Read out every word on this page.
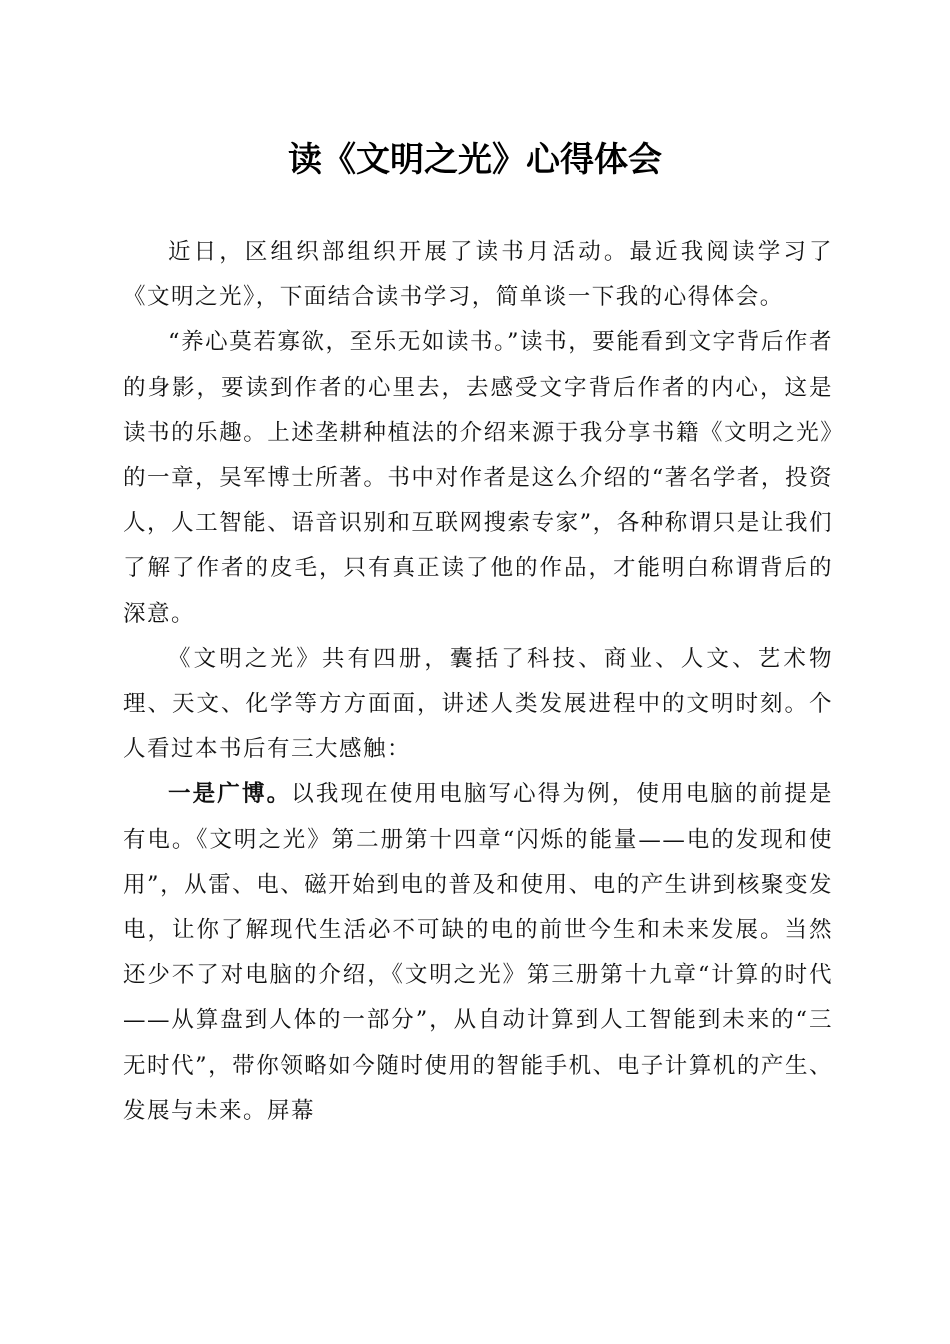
读《文明之光》心得体会

近日，区组织部组织开展了读书月活动。最近我阅读学习了《文明之光》，下面结合读书学习，简单谈一下我的心得体会。

“养心莫若寡欲，至乐无如读书。”读书，要能看到文字背后作者的身影，要读到作者的心里去，去感受文字背后作者的内心，这是读书的乐趣。上述垄耕种植法的介绍来源于我分享书籍《文明之光》的一章，吴军博士所著。书中对作者是这么介绍的“著名学者，投资人，人工智能、语音识别和互联网搜索专家”，各种称谓只是让我们了解了作者的皮毛，只有真正读了他的作品，才能明白称谓背后的深意。

《文明之光》共有四册，囊括了科技、商业、人文、艺术物理、天文、化学等方方面面，讲述人类发展进程中的文明时刻。个人看过本书后有三大感触：

一是广博。以我现在使用电脑写心得为例，使用电脑的前提是有电。《文明之光》第二册第十四章“闪烁的能量——电的发现和使用”，从雷、电、磁开始到电的普及和使用、电的产生讲到核聚变发电，让你了解现代生活必不可缺的电的前世今生和未来发展。当然还少不了对电脑的介绍，《文明之光》第三册第十九章“计算的时代——从算盘到人体的一部分”，从自动计算到人工智能到未来的“三无时代”，带你领略如今随时使用的智能手机、电子计算机的产生、发展与未来。屏幕
